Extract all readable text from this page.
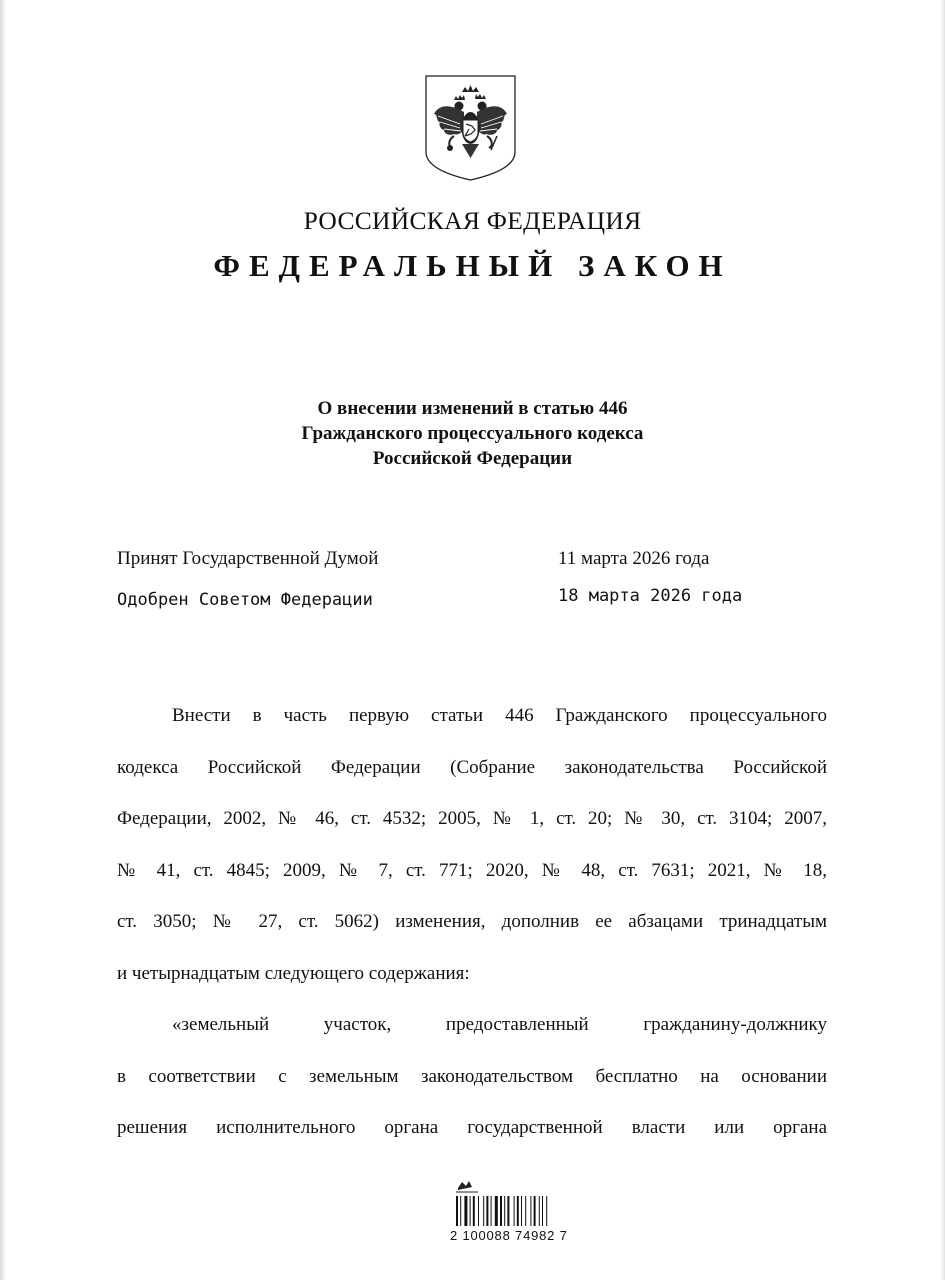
РОССИЙСКАЯ ФЕДЕРАЦИЯ
ФЕДЕРАЛЬНЫЙ ЗАКОН
О внесении изменений в статью 446
Гражданского процессуального кодекса
Российской Федерации
Принят Государственной Думой	11 марта 2026 года
Одобрен Советом Федерации	18 марта 2026 года
Внести в часть первую статьи 446 Гражданского процессуального
кодекса Российской Федерации (Собрание законодательства Российской
Федерации, 2002, № 46, ст. 4532; 2005, № 1, ст. 20; № 30, ст. 3104; 2007,
№ 41, ст. 4845; 2009, № 7, ст. 771; 2020, № 48, ст. 7631; 2021, № 18,
ст. 3050; № 27, ст. 5062) изменения, дополнив ее абзацами тринадцатым
и четырнадцатым следующего содержания:
«земельный участок, предоставленный гражданину-должнику
в соответствии с земельным законодательством бесплатно на основании
решения исполнительного органа государственной власти или органа
2 100088 74982 7
